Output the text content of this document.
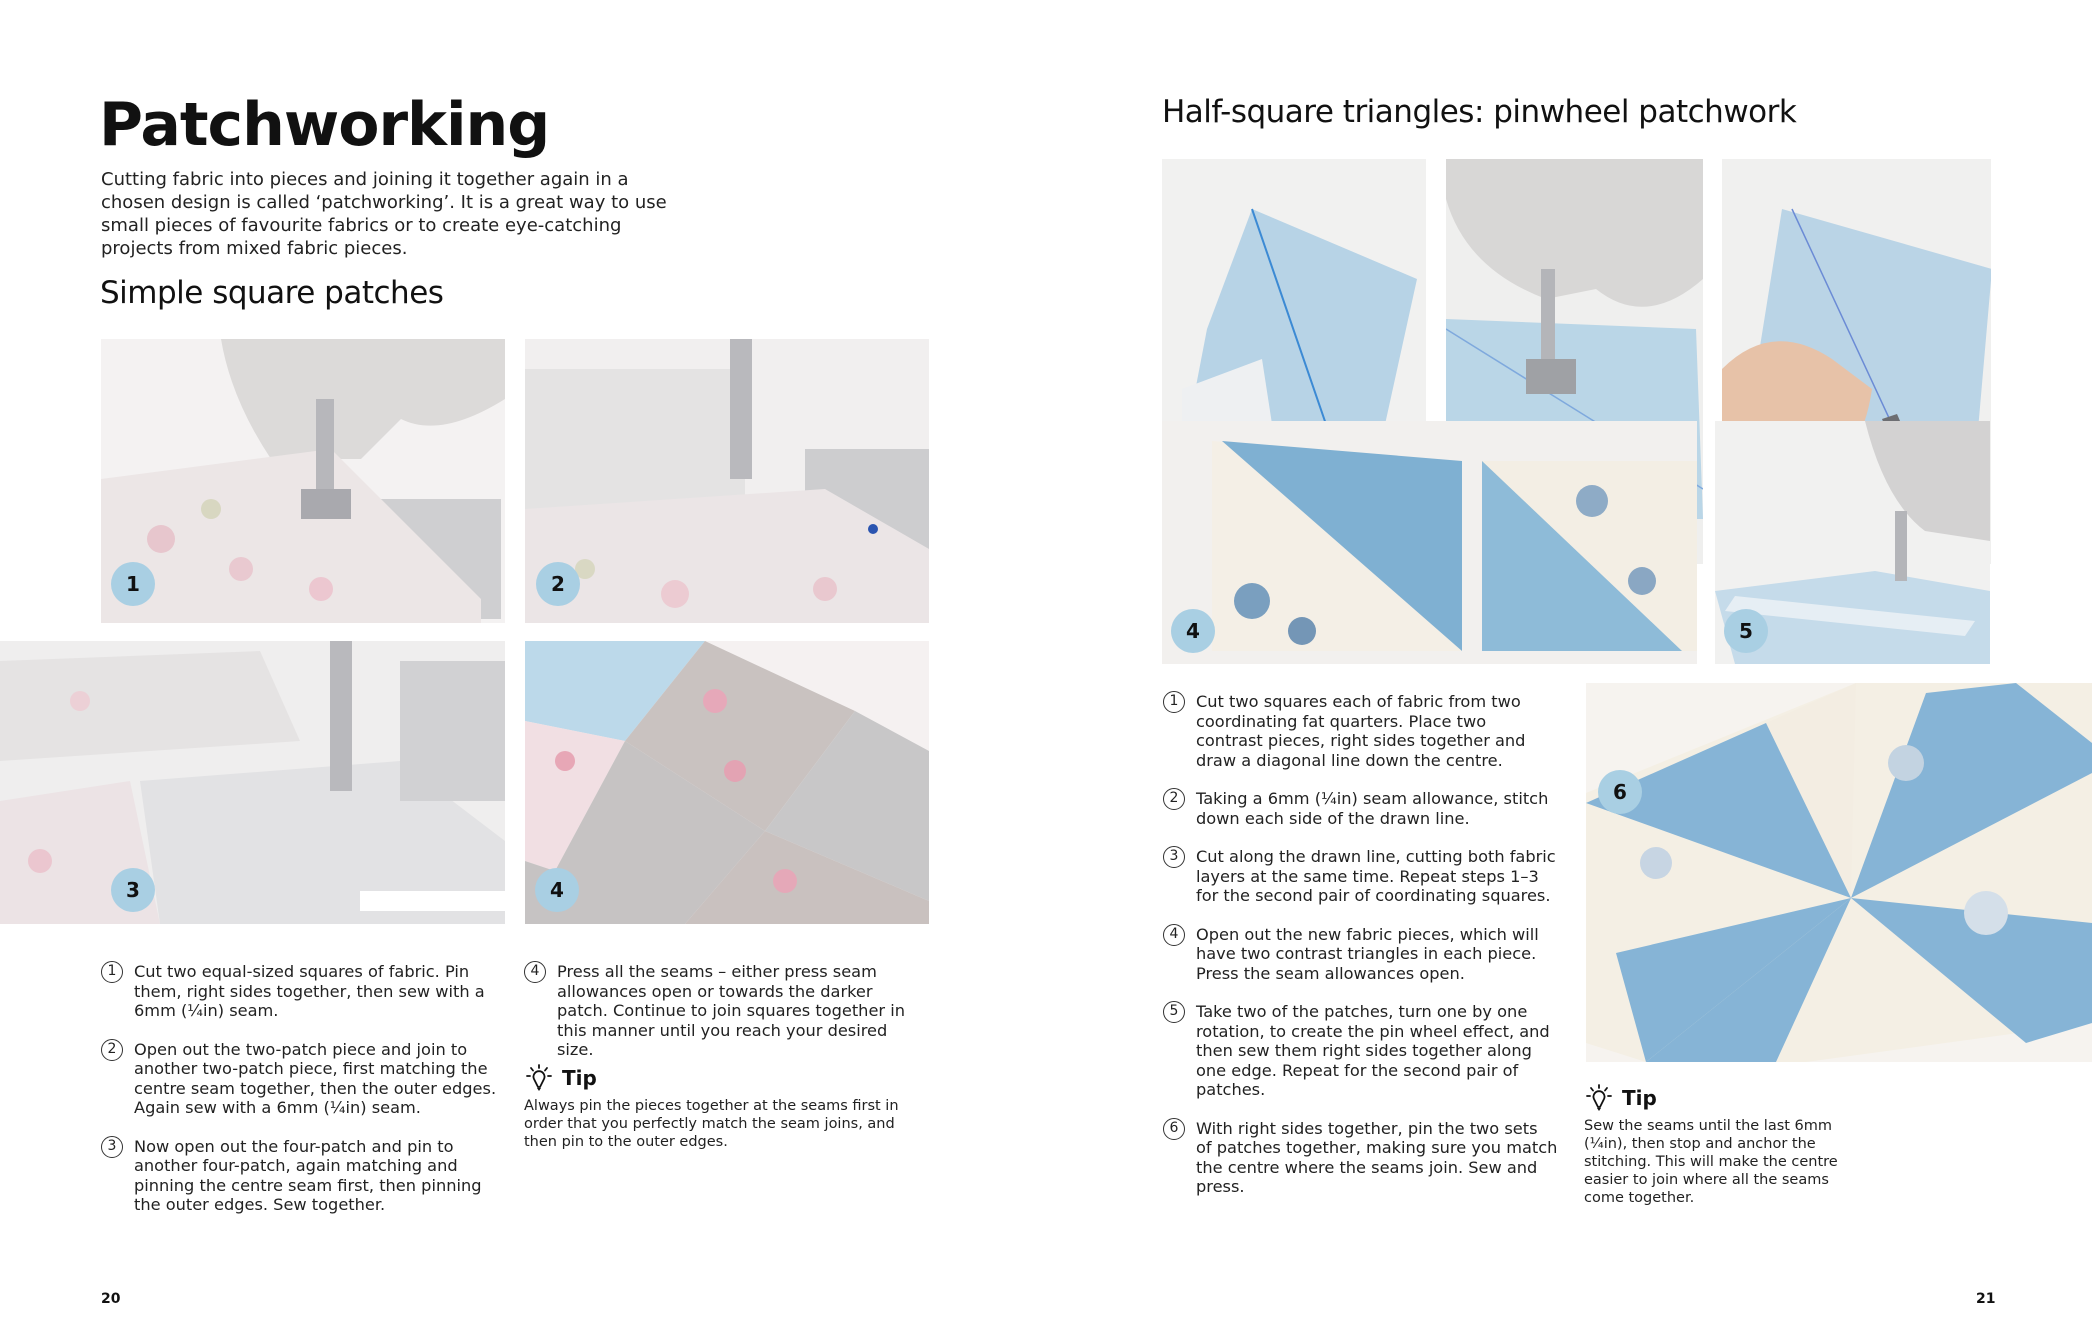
Patchworking

Cutting fabric into pieces and joining it together again in a chosen design is called ‘patchworking’. It is a great way to use small pieces of favourite fabrics or to create eye-catching projects from mixed fabric pieces.

Simple square patches
1	2
3	4
1	Cut two equal-sized squares of fabric. Pin them, right sides together, then sew with a 6mm (¼in) seam.
2	Open out the two-patch piece and join to another two-patch piece, first matching the centre seam together, then the outer edges. Again sew with a 6mm (¼in) seam.
3	Now open out the four-patch and pin to another four-patch, again matching and pinning the centre seam first, then pinning the outer edges. Sew together.
4	Press all the seams – either press seam allowances open or towards the darker patch. Continue to join squares together in this manner until you reach your desired size.
Tip
Always pin the pieces together at the seams first in order that you perfectly match the seam joins, and then pin to the outer edges.
20
Half-square triangles: pinwheel patchwork
4	5
6
1	Cut two squares each of fabric from two coordinating fat quarters. Place two contrast pieces, right sides together and draw a diagonal line down the centre.
2	Taking a 6mm (¼in) seam allowance, stitch down each side of the drawn line.
3	Cut along the drawn line, cutting both fabric layers at the same time. Repeat steps 1–3 for the second pair of coordinating squares.
4	Open out the new fabric pieces, which will have two contrast triangles in each piece. Press the seam allowances open.
5	Take two of the patches, turn one by one rotation, to create the pin wheel effect, and then sew them right sides together along one edge. Repeat for the second pair of patches.
6	With right sides together, pin the two sets of patches together, making sure you match the centre where the seams join. Sew and press.
Tip
Sew the seams until the last 6mm (¼in), then stop and anchor the stitching. This will make the centre easier to join where all the seams come together.
21
